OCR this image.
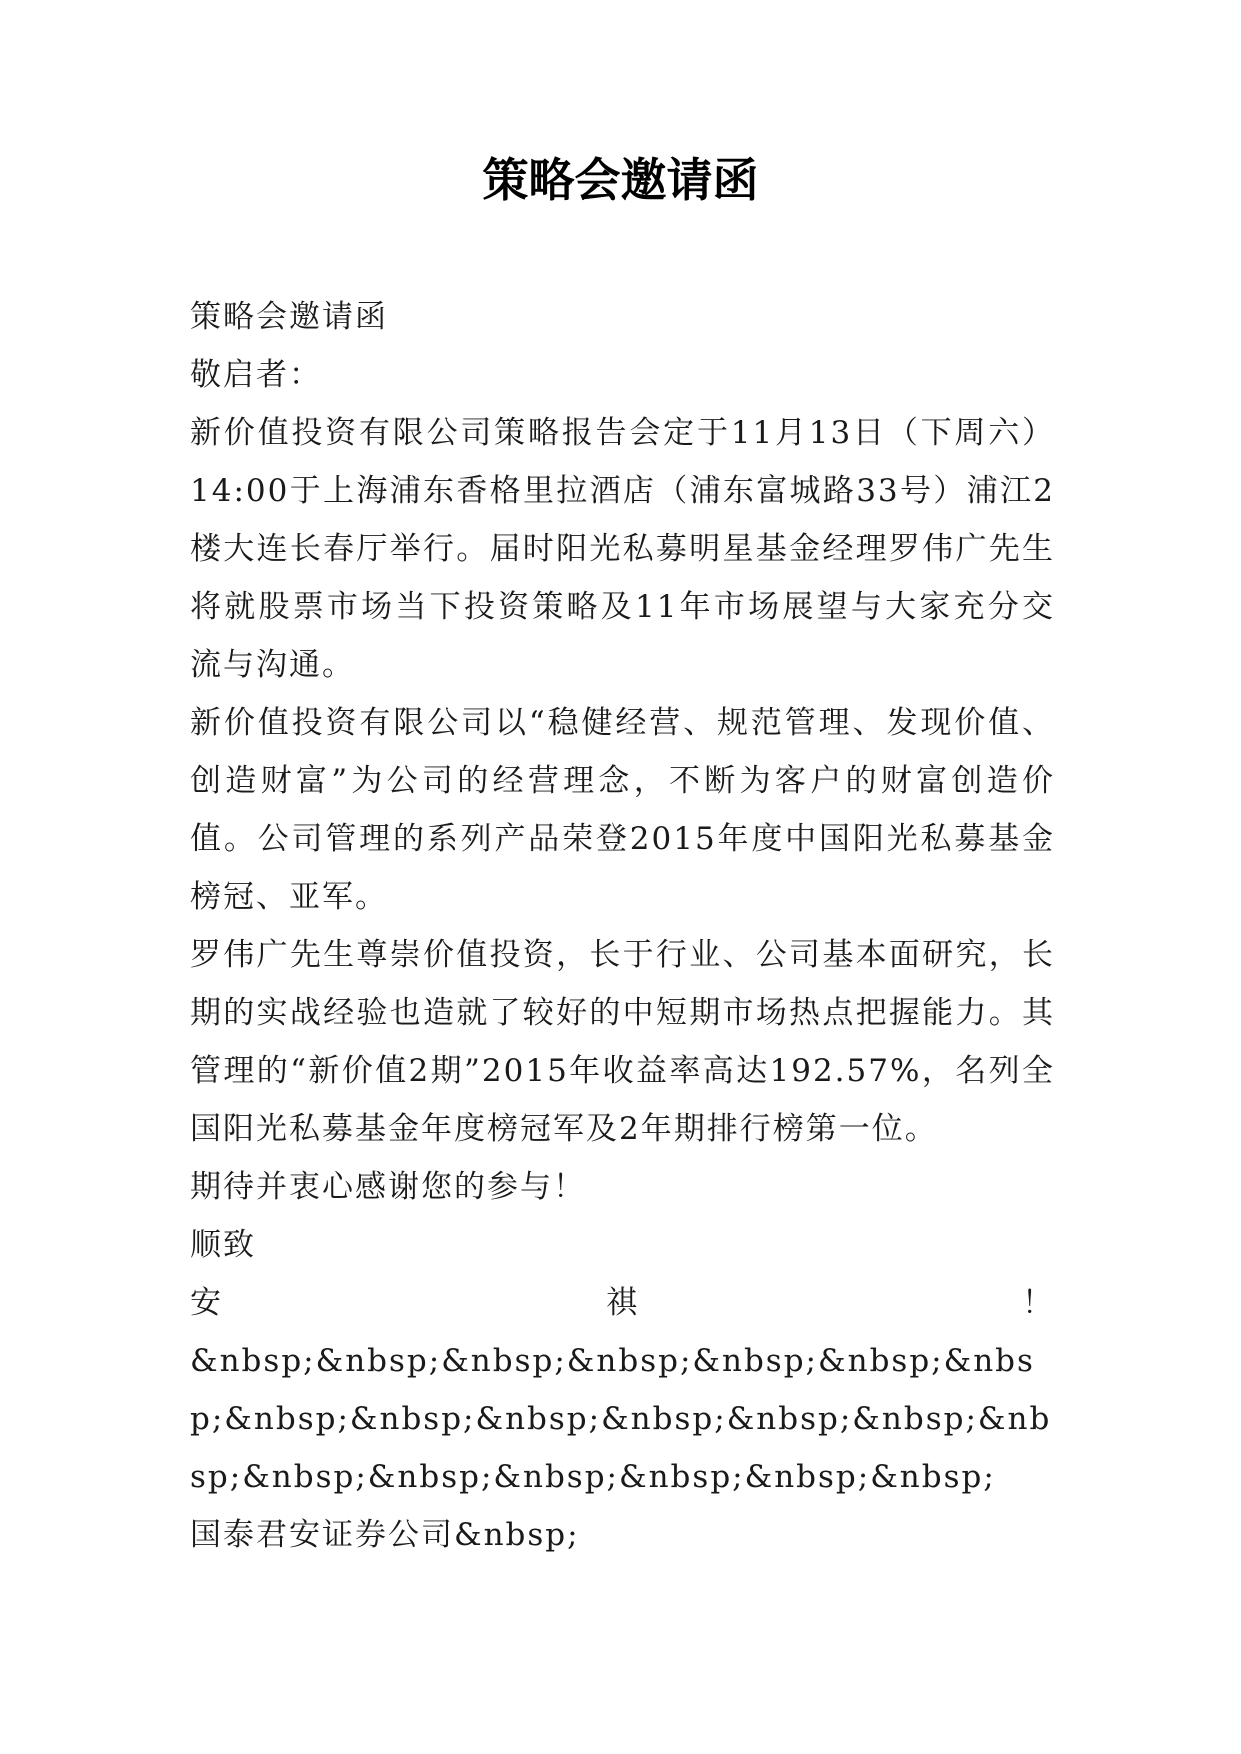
策略会邀请函

策略会邀请函

敬启者：

新价值投资有限公司策略报告会定于11月13日（下周六）14:00于上海浦东香格里拉酒店（浦东富城路33号）浦江2楼大连长春厅举行。届时阳光私募明星基金经理罗伟广先生将就股票市场当下投资策略及11年市场展望与大家充分交流与沟通。

新价值投资有限公司以“稳健经营、规范管理、发现价值、创造财富”为公司的经营理念，不断为客户的财富创造价值。公司管理的系列产品荣登2015年度中国阳光私募基金榜冠、亚军。

罗伟广先生尊崇价值投资，长于行业、公司基本面研究，长期的实战经验也造就了较好的中短期市场热点把握能力。其管理的“新价值2期”2015年收益率高达192.57%，名列全国阳光私募基金年度榜冠军及2年期排行榜第一位。

期待并衷心感谢您的参与！

顺致

安祺！

&nbsp;&nbsp;&nbsp;&nbsp;&nbsp;&nbsp;&nbsp;&nbsp;&nbsp;&nbsp;&nbsp;&nbsp;&nbsp;&nbsp;&nbsp;&nbsp;&nbsp;&nbsp;&nbsp;&nbsp;

国泰君安证券公司&nbsp;
